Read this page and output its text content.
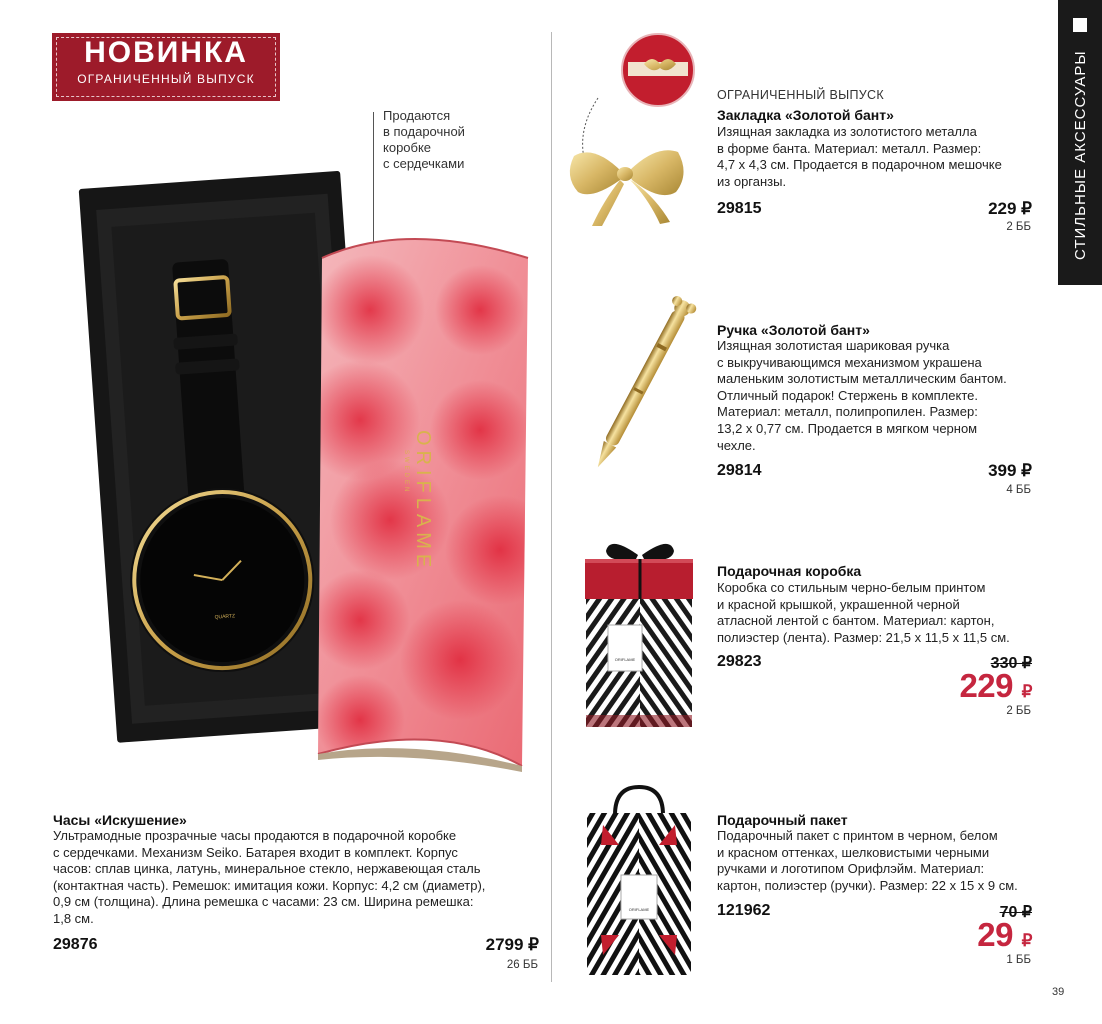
НОВИНКА
ОГРАНИЧЕННЫЙ ВЫПУСК	СТИЛЬНЫЕ АКСЕССУАРЫ
Продаются
в подарочной
коробке
с сердечками
QUARTZ
ORIFLAME
SWEDEN
Часы «Искушение»
Ультрамодные прозрачные часы продаются в подарочной коробке
с сердечками. Механизм Seiko. Батарея входит в комплект. Корпус
часов: сплав цинка, латунь, минеральное стекло, нержавеющая сталь
(контактная часть). Ремешок: имитация кожи. Корпус: 4,2 см (диаметр),
0,9 см (толщина). Длина ремешка с часами: 23 см. Ширина ремешка:
1,8 см.
29876	2799 ₽
26 ББ
ОГРАНИЧЕННЫЙ ВЫПУСК
Закладка «Золотой бант»
Изящная закладка из золотистого металла
в форме банта. Материал: металл. Размер:
4,7 х 4,3 см. Продается в подарочном мешочке
из органзы.
29815	229 ₽
2 ББ
Ручка «Золотой бант»
Изящная золотистая шариковая ручка
с выкручивающимся механизмом украшена
маленьким золотистым металлическим бантом.
Отличный подарок! Стержень в комплекте.
Материал: металл, полипропилен. Размер:
13,2 х 0,77 см. Продается в мягком черном
чехле.
29814	399 ₽
4 ББ
ORIFLAME
Подарочная коробка
Коробка со стильным черно-белым принтом
и красной крышкой, украшенной черной
атласной лентой с бантом. Материал: картон,
полиэстер (лента). Размер: 21,5 х 11,5 х 11,5 см.
29823	330 ₽
229 ₽
2 ББ
ORIFLAME
Подарочный пакет
Подарочный пакет с принтом в черном, белом
и красном оттенках, шелковистыми черными
ручками и логотипом Орифлэйм. Материал:
картон, полиэстер (ручки). Размер: 22 х 15 х 9 см.
121962	70 ₽
29 ₽
1 ББ
39
